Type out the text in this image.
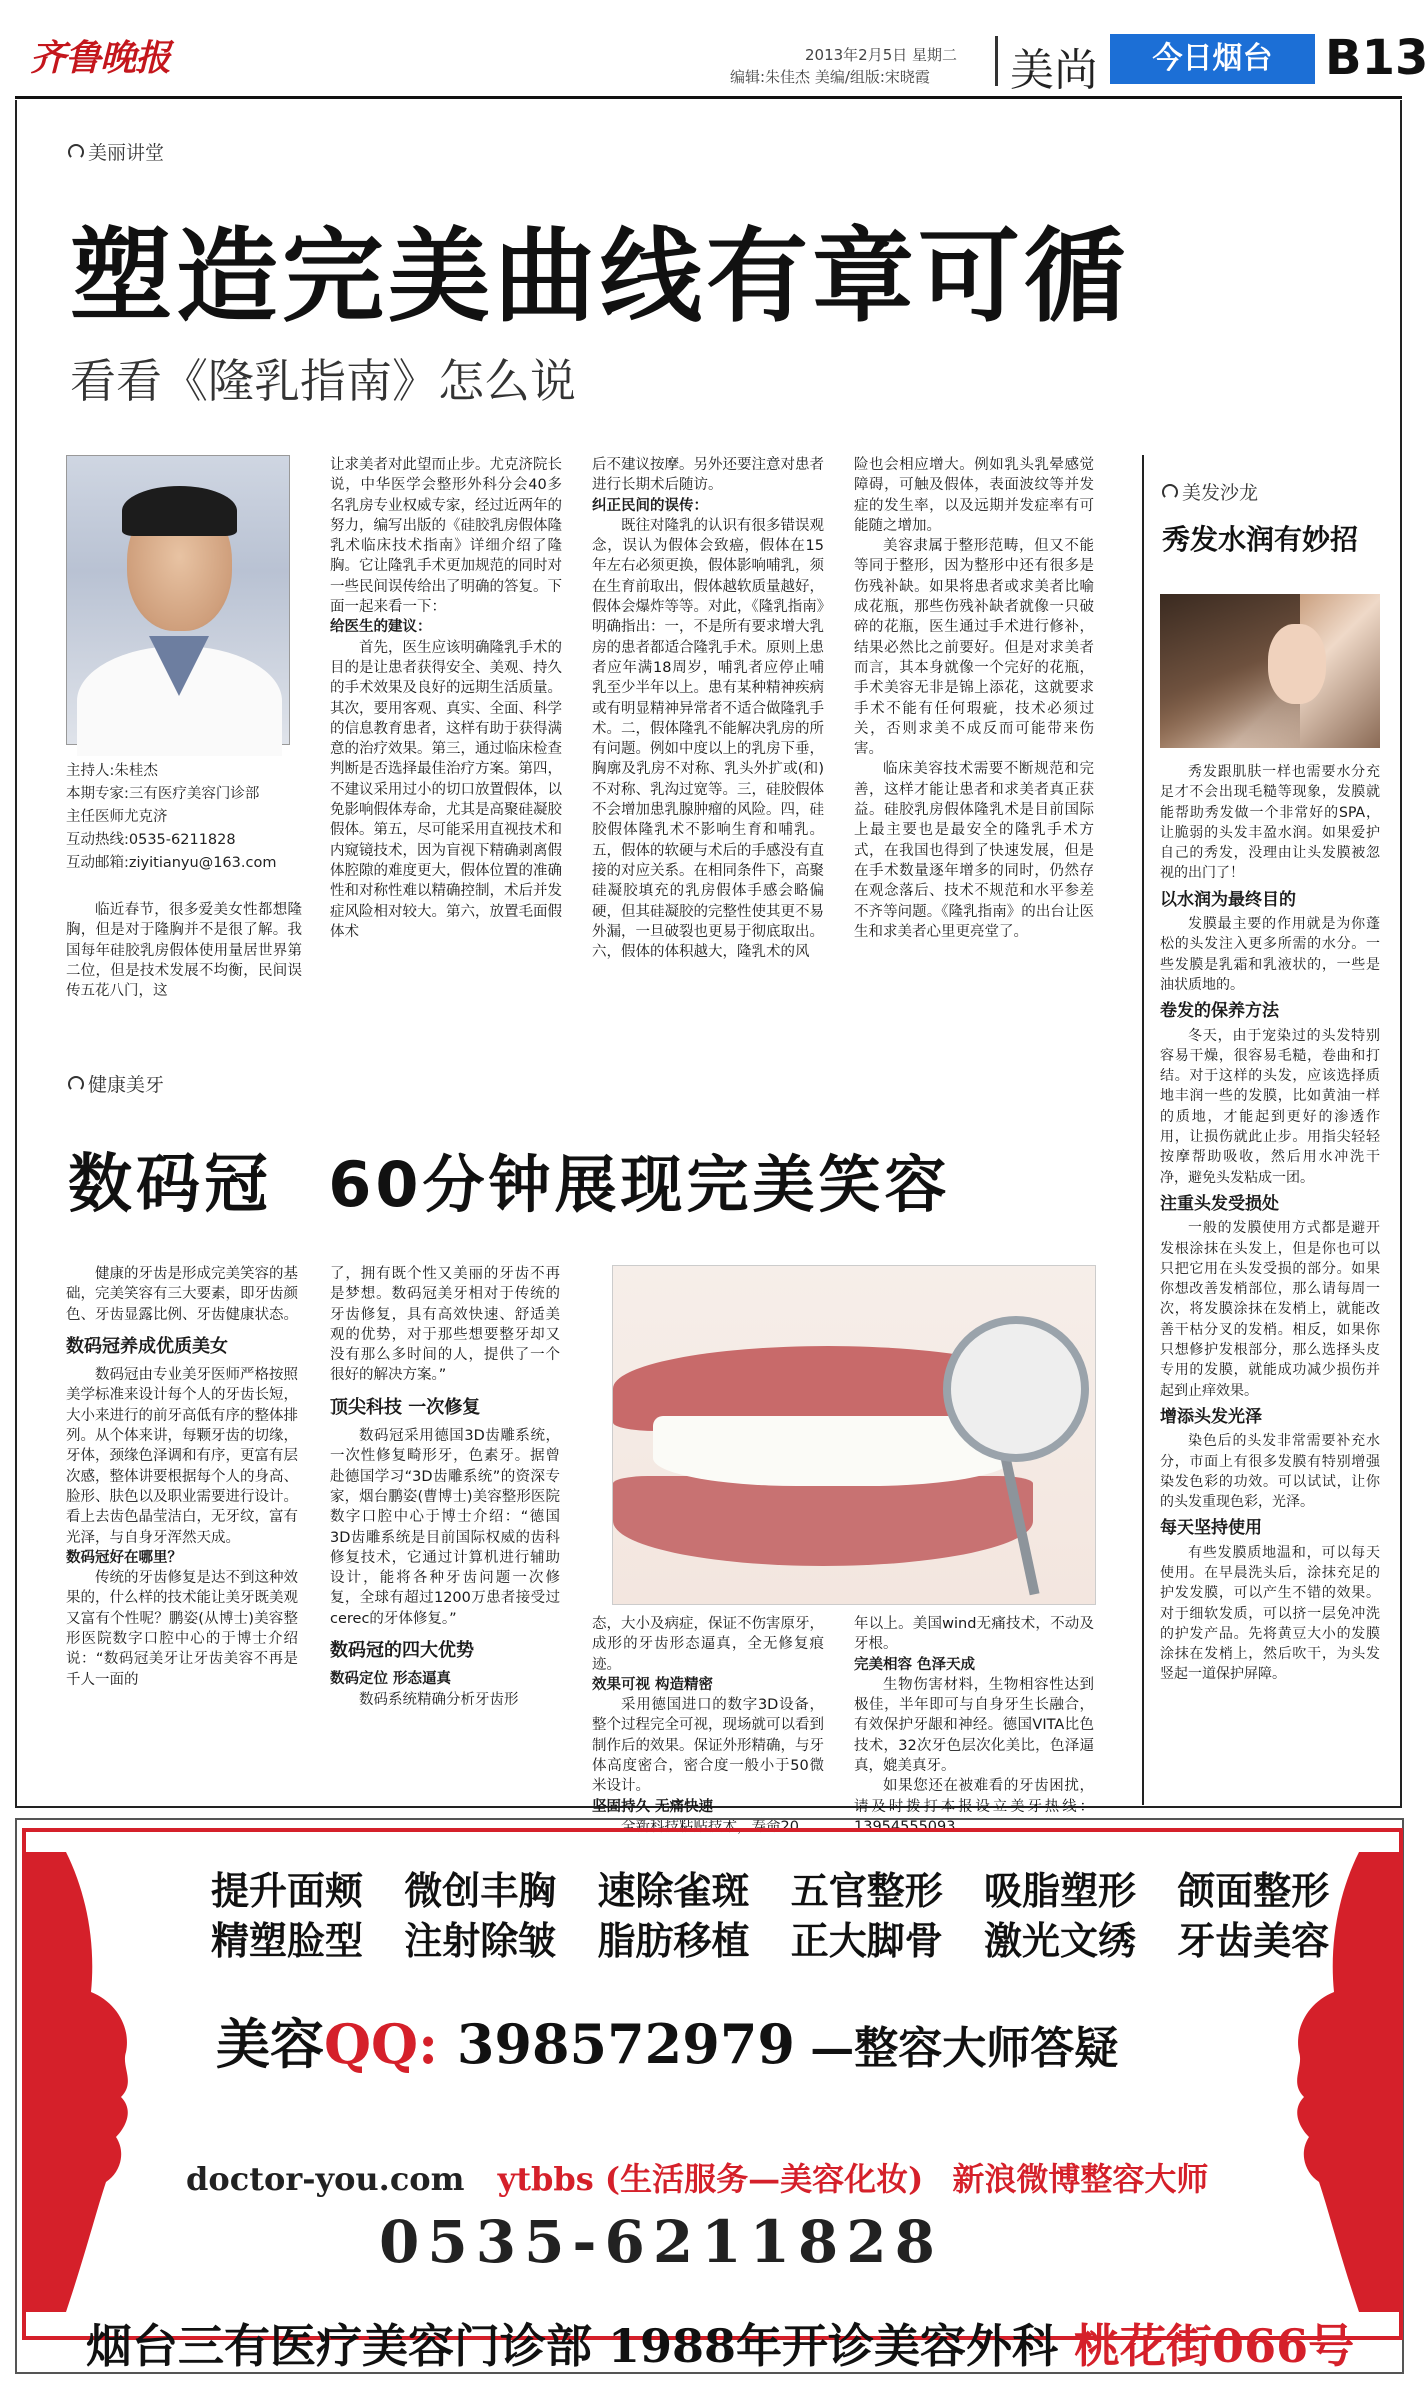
齐鲁晚报	2013年2月5日 星期二
编辑:朱佳杰 美编/组版:宋晓霞 美尚	今日烟台	B13
美丽讲堂
塑造完美曲线有章可循
看看《隆乳指南》怎么说
主持人:朱桂杰
本期专家:三有医疗美容门诊部
主任医师尤克济
互动热线:0535-6211828
互动邮箱:ziyitianyu@163.com

临近春节，很多爱美女性都想隆胸，但是对于隆胸并不是很了解。我国每年硅胶乳房假体使用量居世界第二位，但是技术发展不均衡，民间误传五花八门，这

让求美者对此望而止步。尤克济院长说，中华医学会整形外科分会40多名乳房专业权威专家，经过近两年的努力，编写出版的《硅胶乳房假体隆乳术临床技术指南》详细介绍了隆胸。它让隆乳手术更加规范的同时对一些民间误传给出了明确的答复。下面一起来看一下：

给医生的建议：

首先，医生应该明确隆乳手术的目的是让患者获得安全、美观、持久的手术效果及良好的远期生活质量。其次，要用客观、真实、全面、科学的信息教育患者，这样有助于获得满意的治疗效果。第三，通过临床检查判断是否选择最佳治疗方案。第四，不建议采用过小的切口放置假体，以免影响假体寿命，尤其是高聚硅凝胶假体。第五，尽可能采用直视技术和内窥镜技术，因为盲视下精确剥离假体腔隙的难度更大，假体位置的准确性和对称性难以精确控制，术后并发症风险相对较大。第六，放置毛面假体术

后不建议按摩。另外还要注意对患者进行长期术后随访。

纠正民间的误传：

既往对隆乳的认识有很多错误观念，误认为假体会致癌，假体在15年左右必须更换，假体影响哺乳，须在生育前取出，假体越软质量越好，假体会爆炸等等。对此，《隆乳指南》明确指出：一，不是所有要求增大乳房的患者都适合隆乳手术。原则上患者应年满18周岁，哺乳者应停止哺乳至少半年以上。患有某种精神疾病或有明显精神异常者不适合做隆乳手术。二，假体隆乳不能解决乳房的所有问题。例如中度以上的乳房下垂，胸廓及乳房不对称、乳头外扩或(和)不对称、乳沟过宽等。三，硅胶假体不会增加患乳腺肿瘤的风险。四，硅胶假体隆乳术不影响生育和哺乳。五，假体的软硬与术后的手感没有直接的对应关系。在相同条件下，高聚硅凝胶填充的乳房假体手感会略偏硬，但其硅凝胶的完整性使其更不易外漏，一旦破裂也更易于彻底取出。六，假体的体积越大，隆乳术的风

险也会相应增大。例如乳头乳晕感觉障碍，可触及假体，表面波纹等并发症的发生率，以及远期并发症率有可能随之增加。

美容隶属于整形范畴，但又不能等同于整形，因为整形中还有很多是伤残补缺。如果将患者或求美者比喻成花瓶，那些伤残补缺者就像一只破碎的花瓶，医生通过手术进行修补，结果必然比之前要好。但是对求美者而言，其本身就像一个完好的花瓶，手术美容无非是锦上添花，这就要求手术不能有任何瑕疵，技术必须过关，否则求美不成反而可能带来伤害。

临床美容技术需要不断规范和完善，这样才能让患者和求美者真正获益。硅胶乳房假体隆乳术是目前国际上最主要也是最安全的隆乳手术方式，在我国也得到了快速发展，但是在手术数量逐年增多的同时，仍然存在观念落后、技术不规范和水平参差不齐等问题。《隆乳指南》的出台让医生和求美者心里更亮堂了。

健康美牙
数码冠 60分钟展现完美笑容

健康的牙齿是形成完美笑容的基础，完美笑容有三大要素，即牙齿颜色、牙齿显露比例、牙齿健康状态。

数码冠养成优质美女

数码冠由专业美牙医师严格按照美学标准来设计每个人的牙齿长短，大小来进行的前牙高低有序的整体排列。从个体来讲，每颗牙齿的切缘，牙体，颈缘色泽调和有序，更富有层次感，整体讲要根据每个人的身高、脸形、肤色以及职业需要进行设计。看上去齿色晶莹洁白，无牙纹，富有光泽，与自身牙浑然天成。

数码冠好在哪里？

传统的牙齿修复是达不到这种效果的，什么样的技术能让美牙既美观又富有个性呢？鹏姿(从博士)美容整形医院数字口腔中心的于博士介绍说：“数码冠美牙让牙齿美容不再是千人一面的

了，拥有既个性又美丽的牙齿不再是梦想。数码冠美牙相对于传统的牙齿修复，具有高效快速、舒适美观的优势，对于那些想要整牙却又没有那么多时间的人，提供了一个很好的解决方案。”

顶尖科技 一次修复

数码冠采用德国3D齿雕系统，一次性修复畸形牙，色素牙。据曾赴德国学习“3D齿雕系统”的资深专家，烟台鹏姿(曹博士)美容整形医院数字口腔中心于博士介绍：“德国3D齿雕系统是目前国际权威的齿科修复技术，它通过计算机进行辅助设计，能将各种牙齿问题一次修复，全球有超过1200万患者接受过cerec的牙体修复。”

数码冠的四大优势

数码定位 形态逼真

数码系统精确分析牙齿形

态，大小及病症，保证不伤害原牙，成形的牙齿形态逼真，全无修复痕迹。

效果可视 构造精密

采用德国进口的数字3D设备，整个过程完全可视，现场就可以看到制作后的效果。保证外形精确，与牙体高度密合，密合度一般小于50微米设计。

坚固持久 无痛快速

全新科技粘贴技术，寿命20

年以上。美国wind无痛技术，不动及牙根。

完美相容 色泽天成

生物伤害材料，生物相容性达到极佳，半年即可与自身牙生长融合，有效保护牙龈和神经。德国VITA比色技术，32次牙色层次化美比，色泽逼真，媲美真牙。

如果您还在被难看的牙齿困扰，请及时拨打本报设立美牙热线：13954555093

美发沙龙
秀发水润有妙招

秀发跟肌肤一样也需要水分充足才不会出现毛糙等现象，发膜就能帮助秀发做一个非常好的SPA，让脆弱的头发丰盈水润。如果爱护自己的秀发，没理由让头发膜被忽视的出门了！

以水润为最终目的

发膜最主要的作用就是为你蓬松的头发注入更多所需的水分。一些发膜是乳霜和乳液状的，一些是油状质地的。

卷发的保养方法

冬天，由于宠染过的头发特别容易干燥，很容易毛糙，卷曲和打结。对于这样的头发，应该选择质地丰润一些的发膜，比如黄油一样的质地，才能起到更好的渗透作用，让损伤就此止步。用指尖轻轻按摩帮助吸收，然后用水冲洗干净，避免头发粘成一团。

注重头发受损处

一般的发膜使用方式都是避开发根涂抹在头发上，但是你也可以只把它用在头发受损的部分。如果你想改善发梢部位，那么请每周一次，将发膜涂抹在发梢上，就能改善干枯分叉的发梢。相反，如果你只想修护发根部分，那么选择头皮专用的发膜，就能成功减少损伤并起到止痒效果。

增添头发光泽

染色后的头发非常需要补充水分，市面上有很多发膜有特别增强染发色彩的功效。可以试试，让你的头发重现色彩，光泽。

每天坚持使用

有些发膜质地温和，可以每天使用。在早晨洗头后，涂抹充足的护发发膜，可以产生不错的效果。对于细软发质，可以挤一层免冲洗的护发产品。先将黄豆大小的发膜涂抹在发梢上，然后吹干，为头发竖起一道保护屏障。

提升面颊 微创丰胸 速除雀斑 五官整形 吸脂塑形 颌面整形
精塑脸型 注射除皱 脂肪移植 正大脚骨 激光文绣 牙齿美容
美容QQ: 398572979 —整容大师答疑
doctor-you.com ytbbs (生活服务—美容化妆) 新浪微博整容大师
0535-6211828
烟台三有医疗美容门诊部 1988年开诊美容外科 桃花街066号
